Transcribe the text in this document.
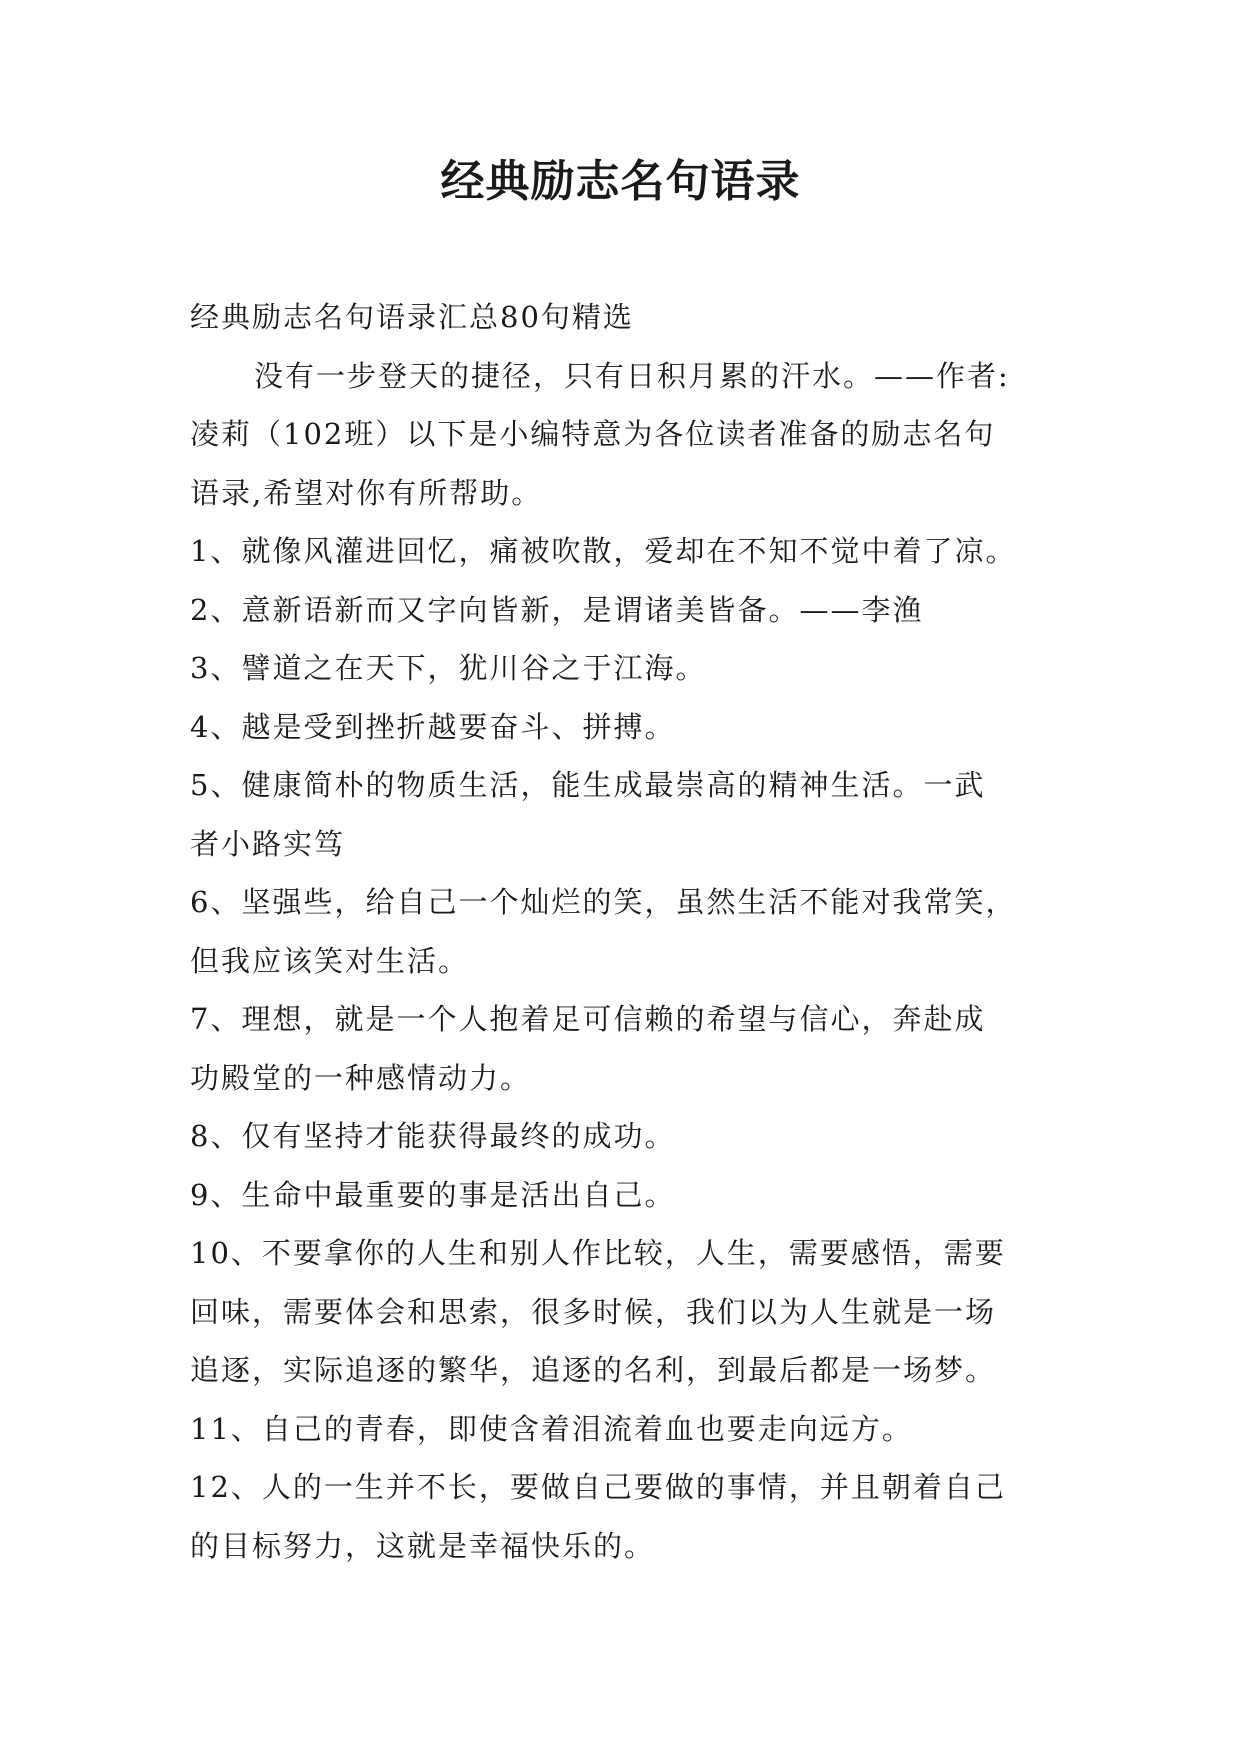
经典励志名句语录

经典励志名句语录汇总80句精选

没有一步登天的捷径，只有日积月累的汗水。——作者:

凌莉（102班）以下是小编特意为各位读者准备的励志名句

语录,希望对你有所帮助。

1、就像风灌进回忆，痛被吹散，爱却在不知不觉中着了凉。

2、意新语新而又字向皆新，是谓诸美皆备。——李渔

3、譬道之在天下，犹川谷之于江海。

4、越是受到挫折越要奋斗、拼搏。

5、健康简朴的物质生活，能生成最崇高的精神生活。一武

者小路实笃

6、坚强些，给自己一个灿烂的笑，虽然生活不能对我常笑，

但我应该笑对生活。

7、理想，就是一个人抱着足可信赖的希望与信心，奔赴成

功殿堂的一种感情动力。

8、仅有坚持才能获得最终的成功。

9、生命中最重要的事是活出自己。

10、不要拿你的人生和别人作比较，人生，需要感悟，需要

回味，需要体会和思索，很多时候，我们以为人生就是一场

追逐，实际追逐的繁华，追逐的名利，到最后都是一场梦。

11、自己的青春，即使含着泪流着血也要走向远方。

12、人的一生并不长，要做自己要做的事情，并且朝着自己

的目标努力，这就是幸福快乐的。
